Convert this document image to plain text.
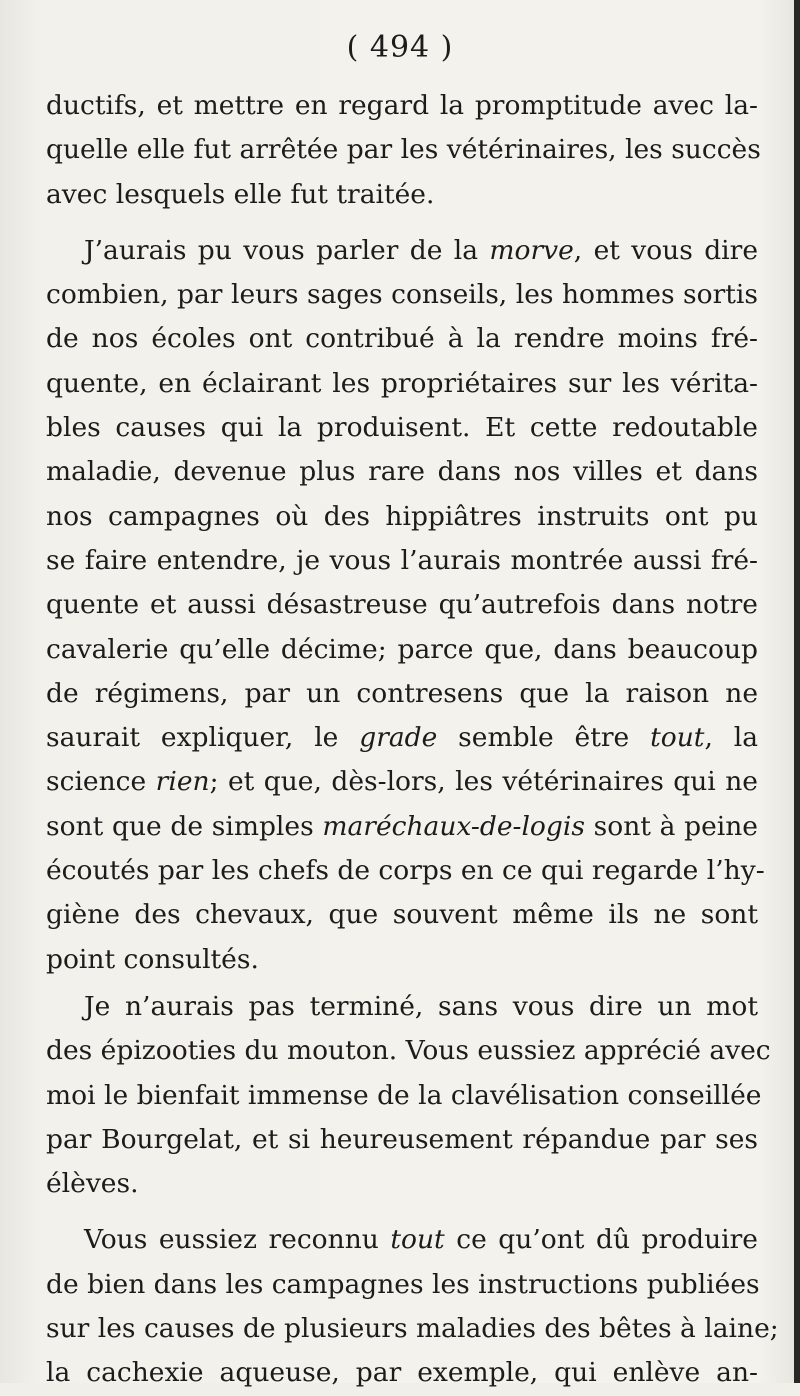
( 494 )
ductifs, et mettre en regard la promptitude avec la-
quelle elle fut arrêtée par les vétérinaires, les succès
avec lesquels elle fut traitée.
J’aurais pu vous parler de la morve, et vous dire
combien, par leurs sages conseils, les hommes sortis
de nos écoles ont contribué à la rendre moins fré-
quente, en éclairant les propriétaires sur les vérita-
bles causes qui la produisent. Et cette redoutable
maladie, devenue plus rare dans nos villes et dans
nos campagnes où des hippiâtres instruits ont pu
se faire entendre, je vous l’aurais montrée aussi fré-
quente et aussi désastreuse qu’autrefois dans notre
cavalerie qu’elle décime; parce que, dans beaucoup
de régimens, par un contresens que la raison ne
saurait expliquer, le grade semble être tout, la
science rien; et que, dès-lors, les vétérinaires qui ne
sont que de simples maréchaux-de-logis sont à peine
écoutés par les chefs de corps en ce qui regarde l’hy-
giène des chevaux, que souvent même ils ne sont
point consultés.
Je n’aurais pas terminé, sans vous dire un mot
des épizooties du mouton. Vous eussiez apprécié avec
moi le bienfait immense de la clavélisation conseillée
par Bourgelat, et si heureusement répandue par ses
élèves.
Vous eussiez reconnu tout ce qu’ont dû produire
de bien dans les campagnes les instructions publiées
sur les causes de plusieurs maladies des bêtes à laine;
la cachexie aqueuse, par exemple, qui enlève an-
